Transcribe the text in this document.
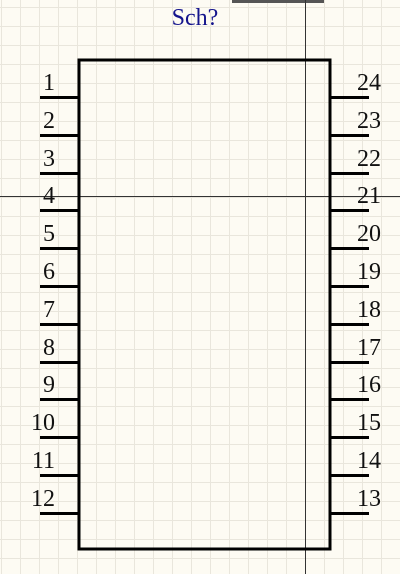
Sch?
1
2
3
4
5
6
7
8
9
10
11
12
24
23
22
21
20
19
18
17
16
15
14
13
